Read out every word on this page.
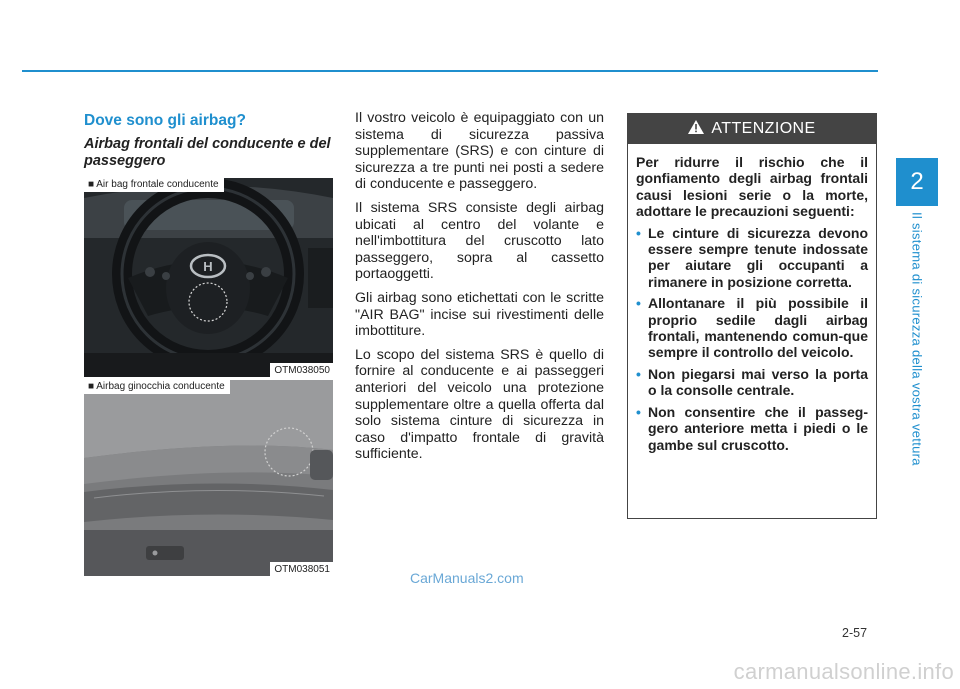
2
Il sistema di sicurezza della vostra vettura
Dove sono gli airbag?
Airbag frontali del conducente e del passeggero
■ Air bag frontale conducente
H
OTM038050
■ Airbag ginocchia conducente
OTM038051

Il vostro veicolo è equipaggiato con un sistema di sicurezza passiva supplementare (SRS) e con cinture di sicurezza a tre punti nei posti a sedere di conducente e passeggero.

Il sistema SRS consiste degli airbag ubicati al centro del volante e nell'imbottitura del cruscotto lato passeggero, sopra al cassetto portaoggetti.

Gli airbag sono etichettati con le scritte "AIR BAG" incise sui rivestimenti delle imbottiture.

Lo scopo del sistema SRS è quello di fornire al conducente e ai passeggeri anteriori del veicolo una protezione supplementare oltre a quella offerta dal solo sistema cinture di sicurezza in caso d'impatto frontale di gravità sufficiente.

ATTENZIONE

Per ridurre il rischio che il gonfiamento degli airbag frontali causi lesioni serie o la morte, adottare le precauzioni seguenti:

• Le cinture di sicurezza devono essere sempre tenute indossate per aiutare gli occupanti a rimanere in posizione corretta.
• Allontanare il più possibile il proprio sedile dagli airbag frontali, mantenendo comun-que sempre il controllo del veicolo.
• Non piegarsi mai verso la porta o la consolle centrale.
• Non consentire che il passeg-gero anteriore metta i piedi o le gambe sul cruscotto.
CarManuals2.com
2-57
carmanualsonline.info
